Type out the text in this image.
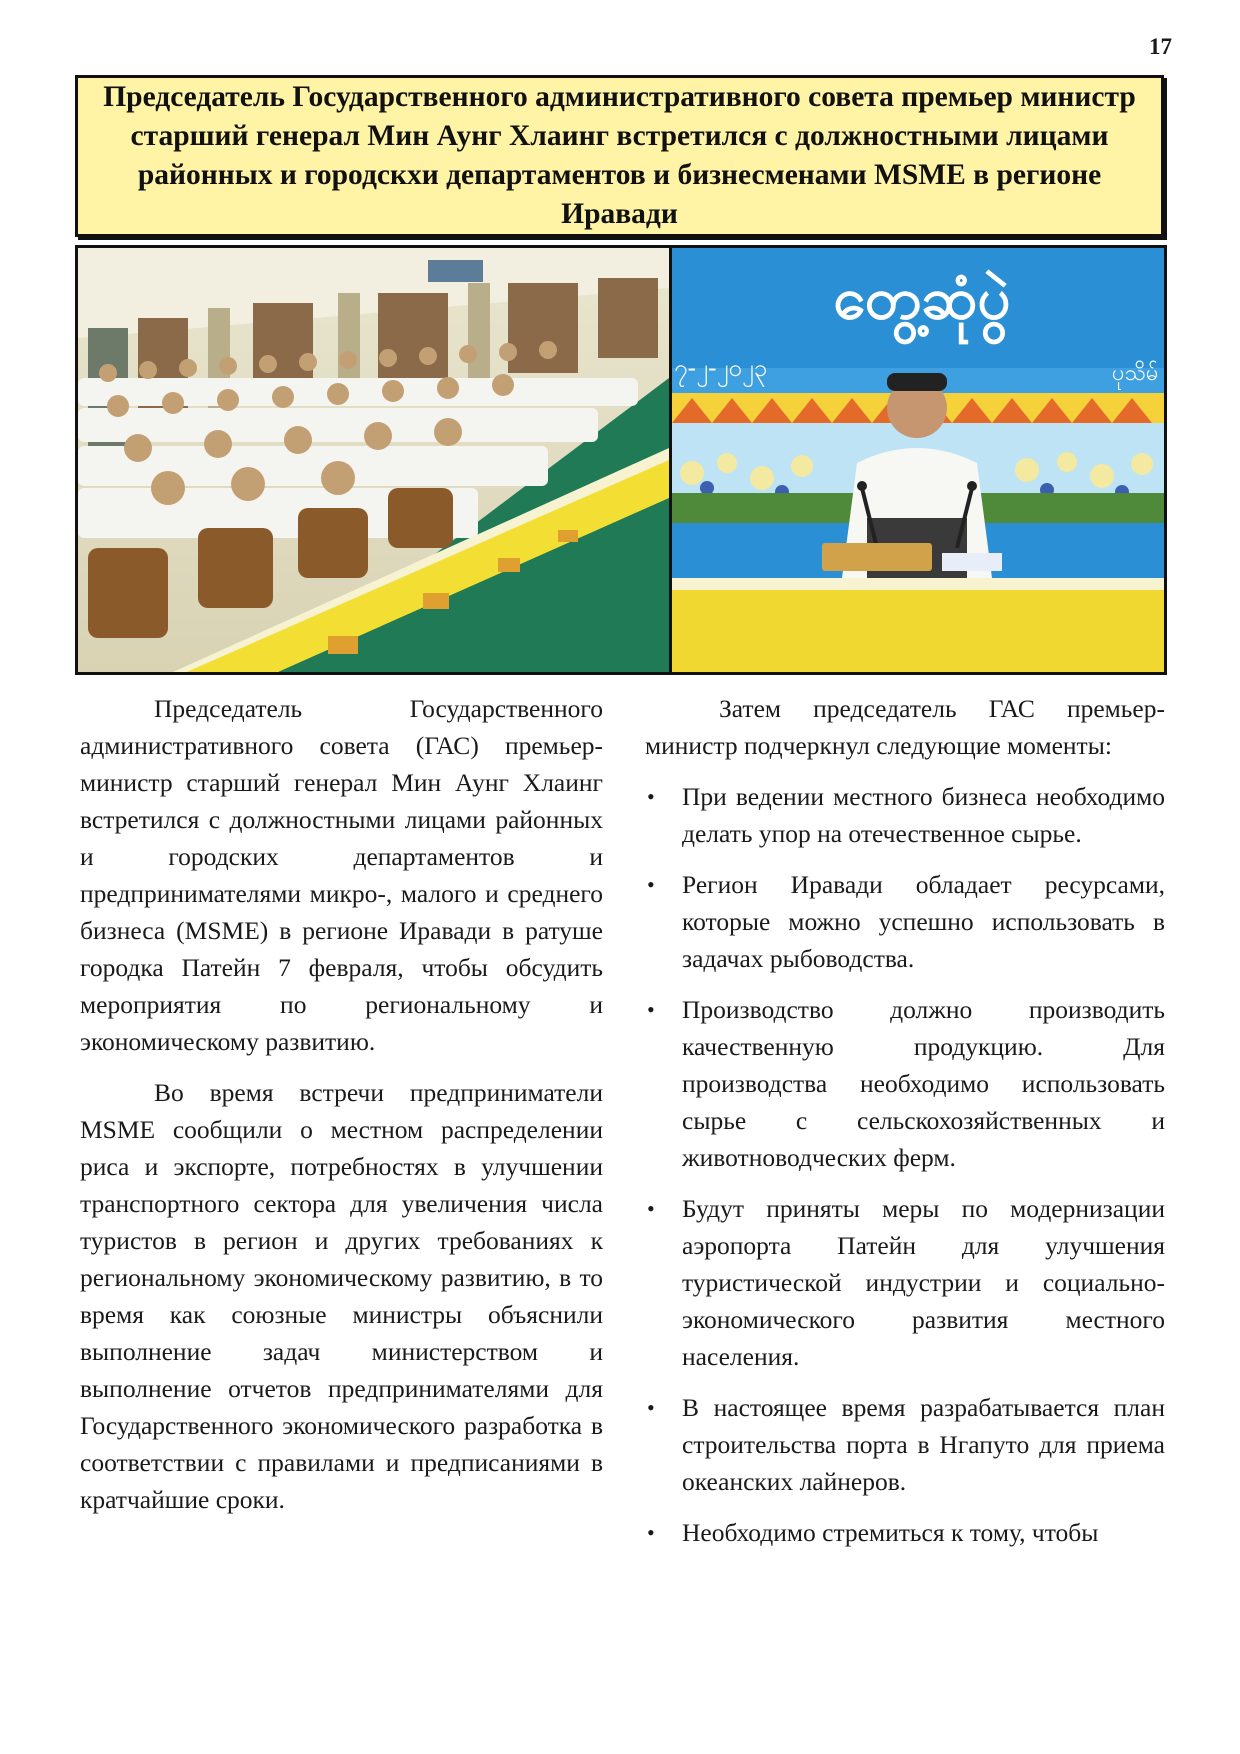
17
Председатель Государственного административного совета премьер министр старший генерал Мин Аунг Хлаинг встретился с должностными лицами районных и городскхи департаментов и бизнесменами MSME в регионе Иравади
တွေ့ဆုံပွဲ
၇-၂-၂၀၂၃	ပုသိမ်

Председатель Государственного административного совета (ГАС) премьер-министр старший генерал Мин Аунг Хлаинг встретился с должностными лицами районных и городских департаментов и предпринимателями микро-, малого и среднего бизнеса (MSME) в регионе Иравади в ратуше городка Патейн 7 февраля, чтобы обсудить мероприятия по региональному и экономическому развитию.

Во время встречи предприниматели MSME сообщили о местном распределении риса и экспорте, потребностях в улучшении транспортного сектора для увеличения числа туристов в регион и других требованиях к региональному экономическому развитию, в то время как союзные министры объяснили выполнение задач министерством и выполнение отчетов предпринимателями для Государственного экономического разработка в соответствии с правилами и предписаниями в кратчайшие сроки.

Затем председатель ГАС премьер-министр подчеркнул следующие моменты:

• При ведении местного бизнеса необходимо делать упор на отечественное сырье.
• Регион Иравади обладает ресурсами, которые можно успешно использовать в задачах рыбоводства.
• Производство должно производить качественную продукцию. Для производства необходимо использовать сырье с сельскохозяйственных и животноводческих ферм.
• Будут приняты меры по модернизации аэропорта Патейн для улучшения туристической индустрии и социально-экономического развития местного населения.
• В настоящее время разрабатывается план строительства порта в Нгапуто для приема океанских лайнеров.
• Необходимо стремиться к тому, чтобы
